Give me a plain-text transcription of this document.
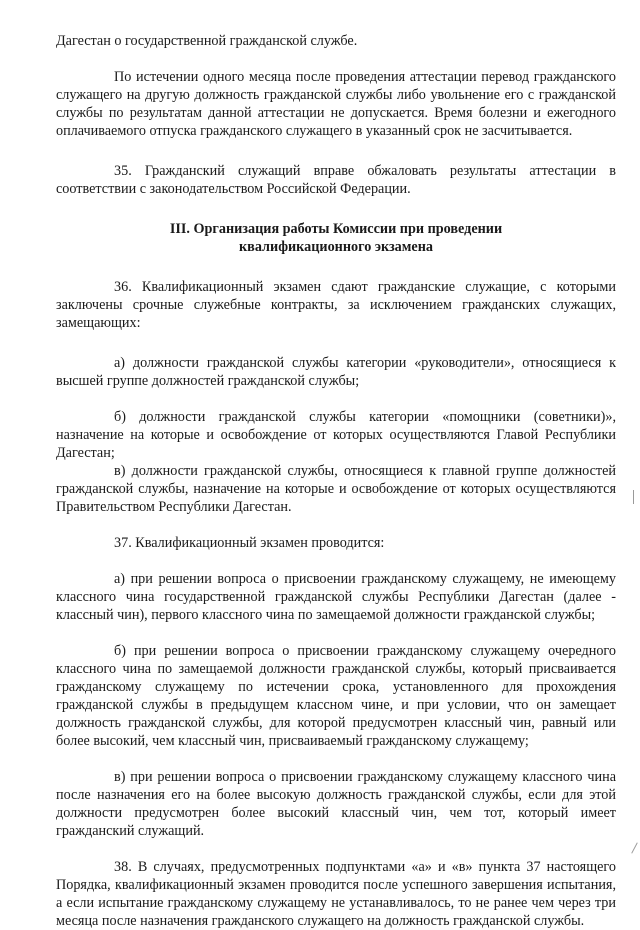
Дагестан о государственной гражданской службе.

По истечении одного месяца после проведения аттестации перевод гражданского служащего на другую должность гражданской службы либо увольнение его с гражданской службы по результатам данной аттестации не допускается. Время болезни и ежегодного оплачиваемого отпуска гражданского служащего в указанный срок не засчитывается.

35. Гражданский служащий вправе обжаловать результаты аттестации в соответствии с законодательством Российской Федерации.

III. Организация работы Комиссии при проведении

квалификационного экзамена

36. Квалификационный экзамен сдают гражданские служащие, с которыми заключены срочные служебные контракты, за исключением гражданских служащих, замещающих:

а) должности гражданской службы категории «руководители», относящиеся к высшей группе должностей гражданской службы;

б) должности гражданской службы категории «помощники (советники)», назначение на которые и освобождение от которых осуществляются Главой Республики Дагестан;

в) должности гражданской службы, относящиеся к главной группе должностей гражданской службы, назначение на которые и освобождение от которых осуществляются Правительством Республики Дагестан.

37. Квалификационный экзамен проводится:

а) при решении вопроса о присвоении гражданскому служащему, не имеющему классного чина государственной гражданской службы Республики Дагестан (далее - классный чин), первого классного чина по замещаемой должности гражданской службы;

б) при решении вопроса о присвоении гражданскому служащему очередного классного чина по замещаемой должности гражданской службы, который присваивается гражданскому служащему по истечении срока, установленного для прохождения гражданской службы в предыдущем классном чине, и при условии, что он замещает должность гражданской службы, для которой предусмотрен классный чин, равный или более высокий, чем классный чин, присваиваемый гражданскому служащему;

в) при решении вопроса о присвоении гражданскому служащему классного чина после назначения его на более высокую должность гражданской службы, если для этой должности предусмотрен более высокий классный чин, чем тот, который имеет гражданский служащий.

38. В случаях, предусмотренных подпунктами «а» и «в» пункта 37 настоящего Порядка, квалификационный экзамен проводится после успешного завершения испытания, а если испытание гражданскому служащему не устанавливалось, то не ранее чем через три месяца после назначения гражданского служащего на должность гражданской службы.
